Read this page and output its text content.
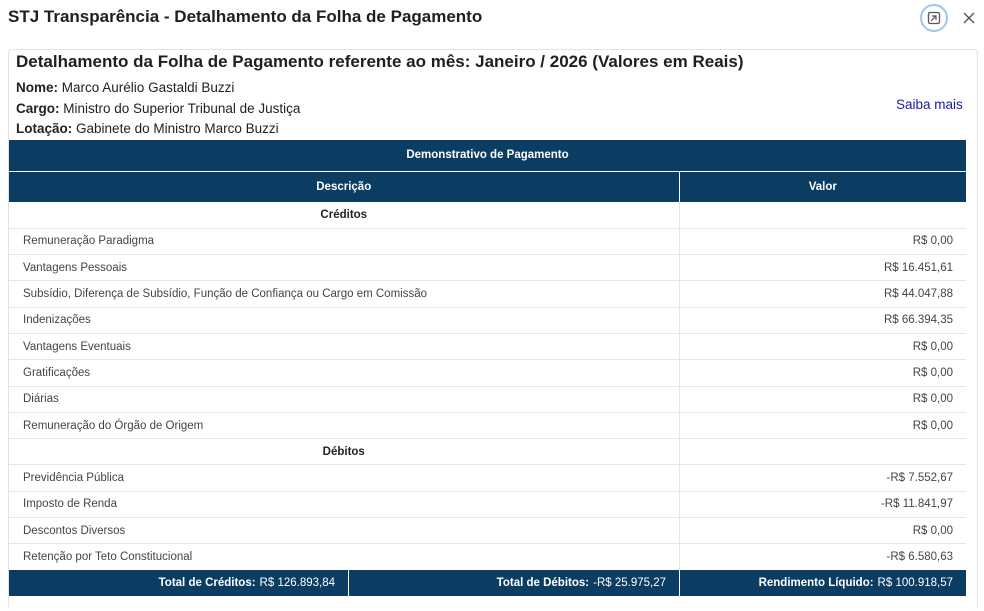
STJ Transparência - Detalhamento da Folha de Pagamento
Detalhamento da Folha de Pagamento referente ao mês: Janeiro / 2026 (Valores em Reais)
Nome: Marco Aurélio Gastaldi Buzzi
Cargo: Ministro do Superior Tribunal de Justiça
Lotação: Gabinete do Ministro Marco Buzzi
Saiba mais
Demonstrativo de Pagamento	
Descrição	Valor
Créditos	
Remuneração Paradigma	R$ 0,00
Vantagens Pessoais	R$ 16.451,61
Subsídio, Diferença de Subsídio, Função de Confiança ou Cargo em Comissão	R$ 44.047,88
Indenizações	R$ 66.394,35
Vantagens Eventuais	R$ 0,00
Gratificações	R$ 0,00
Diárias	R$ 0,00
Remuneração do Órgão de Origem	R$ 0,00
Débitos	
Previdência Pública	-R$ 7.552,67
Imposto de Renda	-R$ 11.841,97
Descontos Diversos	R$ 0,00
Retenção por Teto Constitucional	-R$ 6.580,63
Total de Créditos: R$ 126.893,84	Total de Débitos: -R$ 25.975,27	Rendimento Líquido: R$ 100.918,57
